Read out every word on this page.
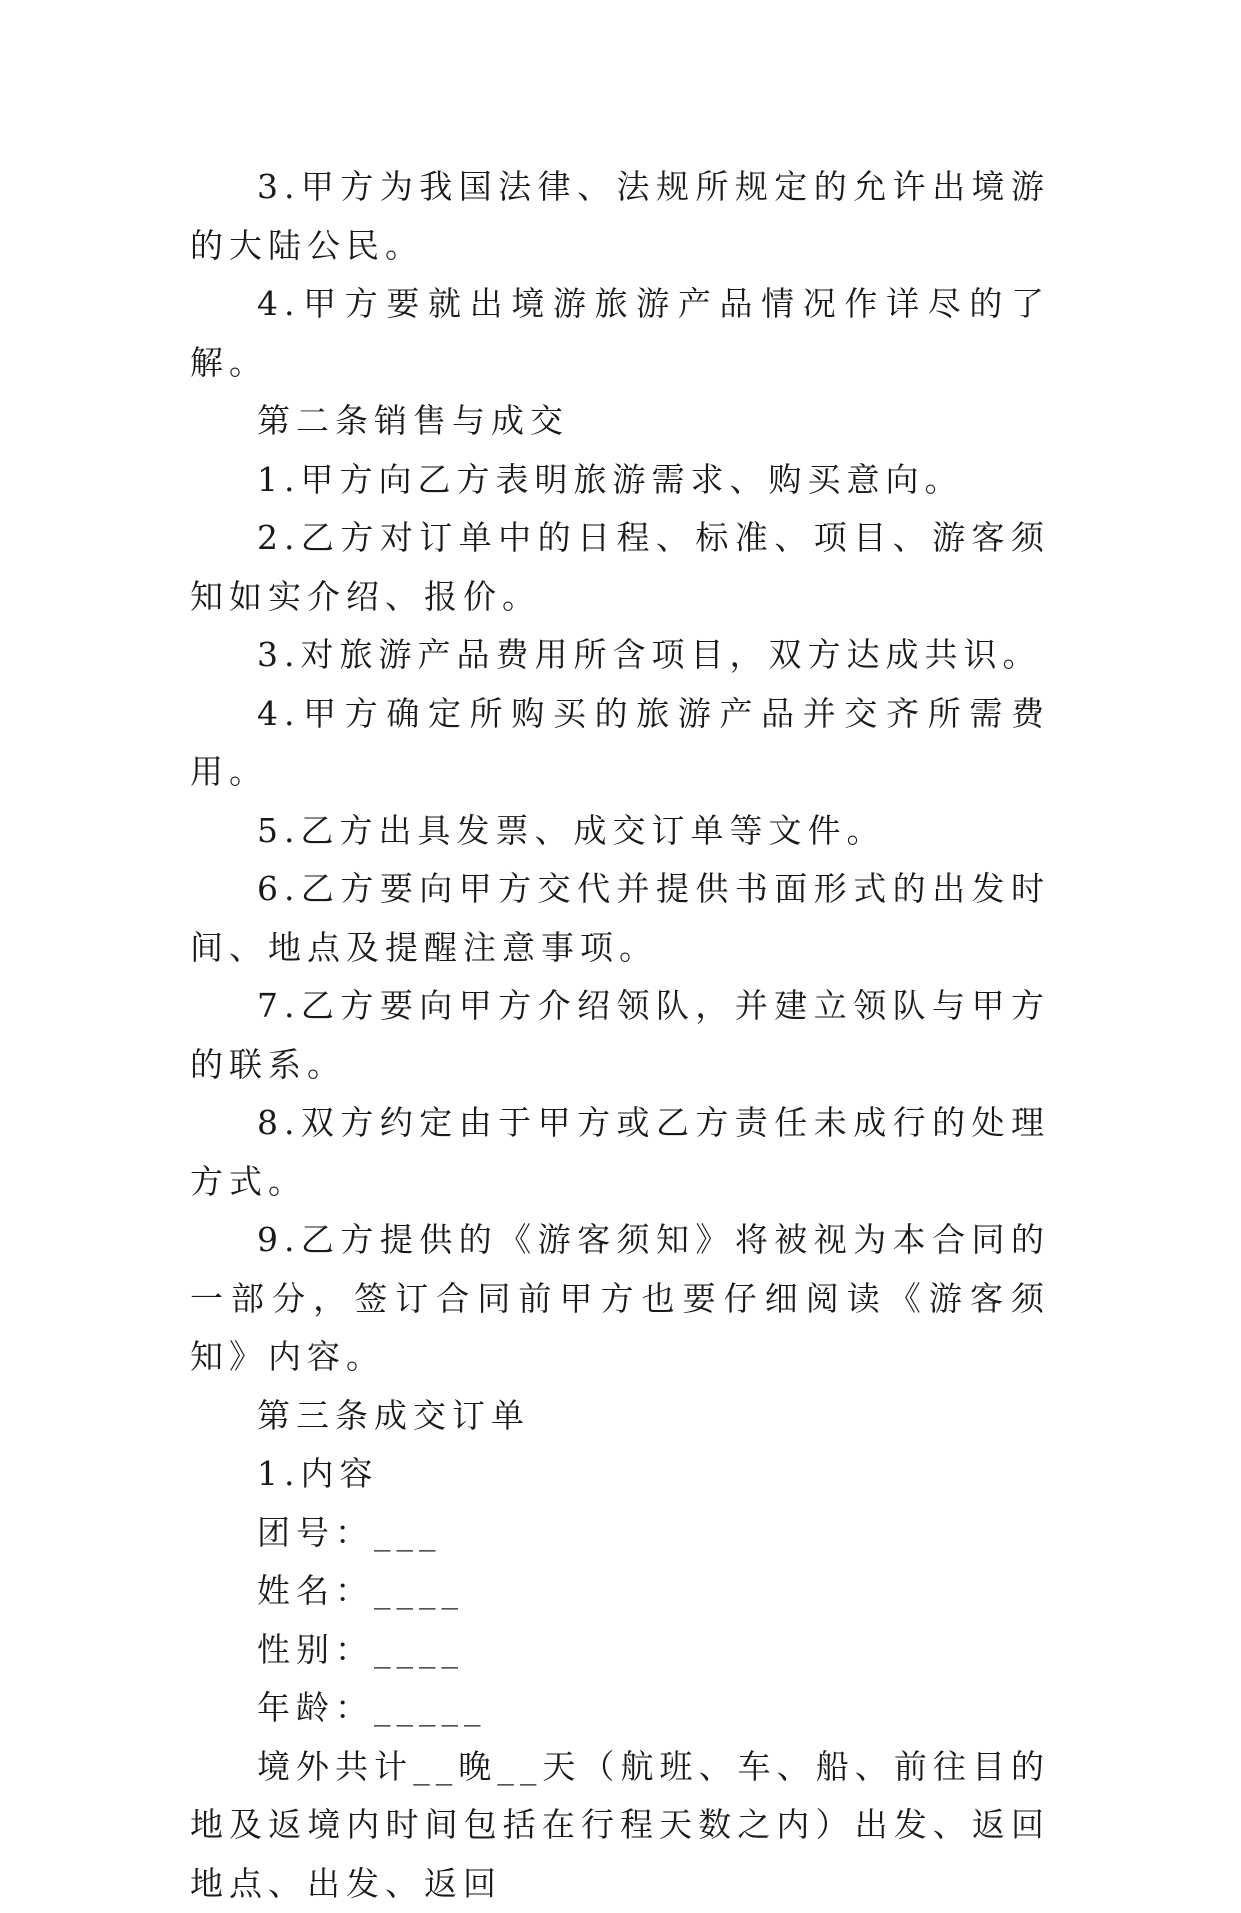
3.甲方为我国法律、法规所规定的允许出境游的大陆公民。

4.甲方要就出境游旅游产品情况作详尽的了解。

第二条销售与成交

1.甲方向乙方表明旅游需求、购买意向。

2.乙方对订单中的日程、标准、项目、游客须知如实介绍、报价。

3.对旅游产品费用所含项目，双方达成共识。

4.甲方确定所购买的旅游产品并交齐所需费用。

5.乙方出具发票、成交订单等文件。

6.乙方要向甲方交代并提供书面形式的出发时间、地点及提醒注意事项。

7.乙方要向甲方介绍领队，并建立领队与甲方的联系。

8.双方约定由于甲方或乙方责任未成行的处理方式。

9.乙方提供的《游客须知》将被视为本合同的一部分，签订合同前甲方也要仔细阅读《游客须知》内容。

第三条成交订单

1.内容

团号：___

姓名：____

性别：____

年龄：_____

境外共计__晚__天（航班、车、船、前往目的地及返境内时间包括在行程天数之内）出发、返回地点、出发、返回
